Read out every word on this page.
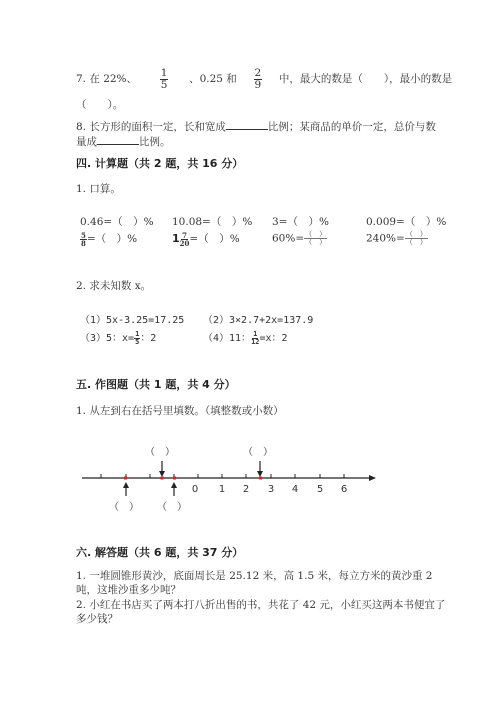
7. 在 22%、 $\frac{1}{5}$ 、0.25 和 $\frac{2}{9}$ 中，最大的数是（　　），最小的数是
（　　）。
8. 长方形的面积一定，长和宽成	比例；某商品的单价一定，总价与数
量成	比例。
四. 计算题（共 2 题，共 16 分）
1. 口算。
0.46=（　）% 10.08=（　）% 3=（　）%	0.009=（　）%
$\frac{5}{8}$ =（　）%	$1 \frac{7}{20}$ =（　）%	$60\%= \frac{( )}{( )}$	$240\%= \frac{( )}{( )}$
2. 求未知数 x。
（1）5x-3.25=17.25 （2）3×2.7+2x=137.9
（3）5：$x= \frac{1}{5}$ ：2	（4）11： $\frac{1}{12} =x$：2
五. 作图题（共 1 题，共 4 分）
1. 从左到右在括号里填数。（填整数或小数）
（　）	（　）
0 1 2 3 4 5 6
（　） （　）
六. 解答题（共 6 题，共 37 分）
1. 一堆圆锥形黄沙，底面周长是 25.12 米，高 1.5 米，每立方米的黄沙重 2
吨，这堆沙重多少吨？
2. 小红在书店买了两本打八折出售的书，共花了 42 元，小红买这两本书便宜了
多少钱？
